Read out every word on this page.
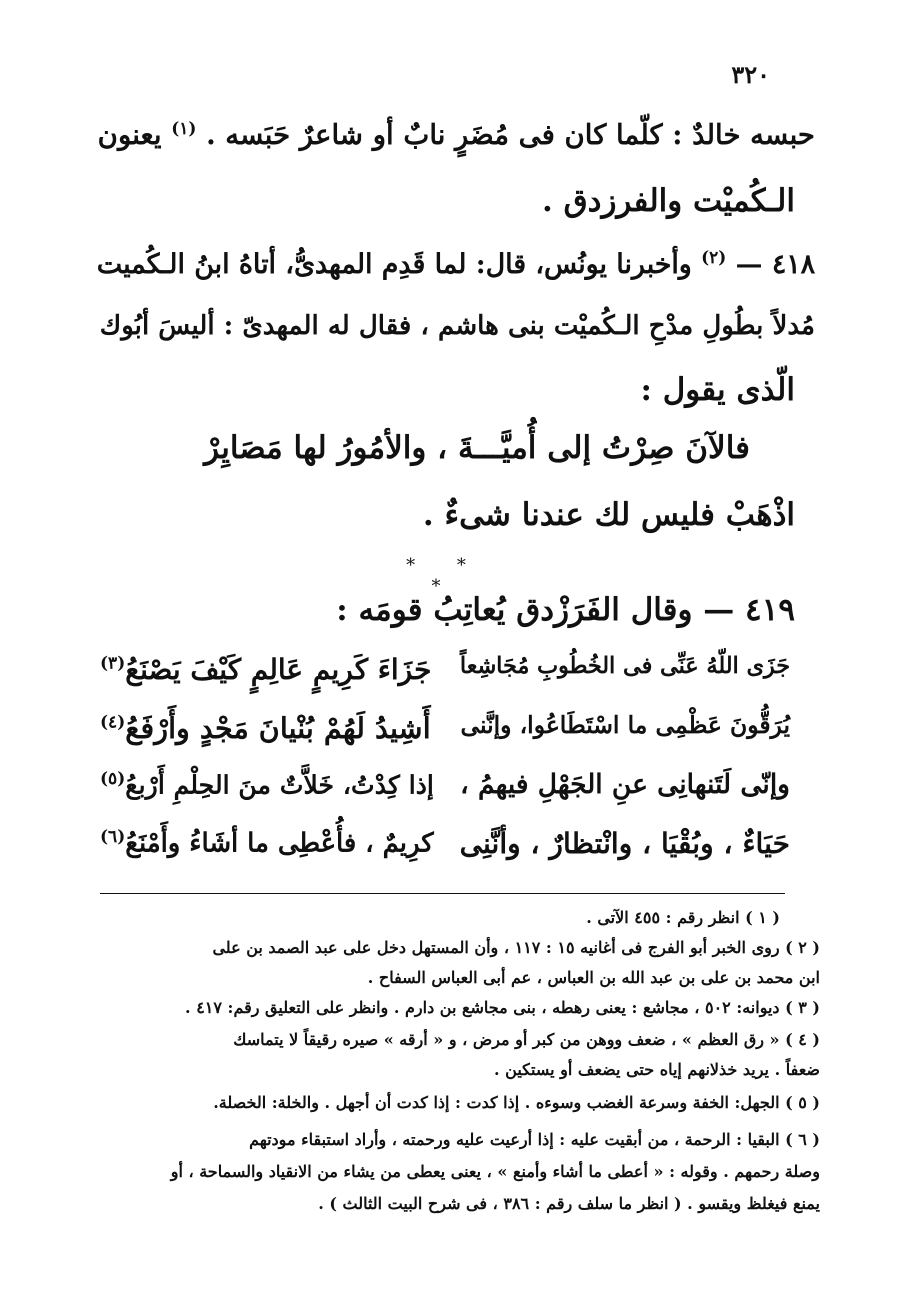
٣٢٠
حبسه خالدٌ : كلّما كان فى مُضَرٍ نابٌ أو شاعرٌ حَبَسه . $^{(١)}$ يعنون
الـكُميْت والفرزدق .
٤١٨ — $^{(٢)}$ وأخبرنا يونُس، قال: لما قَدِم المهدىُّ، أتاهُ ابنُ الـكُميت
مُدلاً بطُولِ مدْحِ الـكُميْت بنى هاشم ، فقال له المهدىّ : أليسَ أبُوك
الّذى يقول :
فالآنَ صِرْتُ إلى أُميَّـــةَ ، والأمُورُ لها مَصَايِرْ
اذْهَبْ فليس لك عندنا شىءٌ .
* * *
٤١٩ — وقال الفَرَزْدق يُعاتِبُ قومَه :
جَزَى اللّهُ عَنِّى فى الخُطُوبِ مُجَاشِعاً
جَزَاءَ كَرِيمٍ عَالِمٍ كَيْفَ يَصْنَعُ$^{(٣)}$
يُرَقُّونَ عَظْمِى ما اسْتَطَاعُوا، وإنَّنى
أَشِيدُ لَهُمْ بُنْيانَ مَجْدٍ وأَرْفَعُ$^{(٤)}$
وإنّى لَتَنهانِى عنِ الجَهْلِ فيهمُ ،
إذا كِدْتُ، خَلاَّتٌ منَ الحِلْمِ أَرْبعُ$^{(٥)}$
حَيَاءٌ ، وبُقْيَا ، وانْتظارٌ ، وأنَّنِى
كرِيمٌ ، فأُعْطِى ما أشَاءُ وأَمْنَعُ$^{(٦)}$
( ١ ) انظر رقم : ٤٥٥ الآتى .
( ٢ ) روى الخبر أبو الفرج فى أغانيه ١٥ : ١١٧ ، وأن المستهل دخل على عبد الصمد بن على
ابن محمد بن على بن عبد الله بن العباس ، عم أبى العباس السفاح .
( ٣ ) ديوانه: ٥٠٢ ، مجاشع : يعنى رهطه ، بنى مجاشع بن دارم . وانظر على التعليق رقم: ٤١٧ .
( ٤ ) « رق العظم » ، ضعف ووهن من كبر أو مرض ، و « أرقه » صيره رقيقاً لا يتماسك
ضعفاً . يريد خذلانهم إياه حتى يضعف أو يستكين .
( ٥ ) الجهل: الخفة وسرعة الغضب وسوءه . إذا كدت : إذا كدت أن أجهل . والخلة: الخصلة.
( ٦ ) البقيا : الرحمة ، من أبقيت عليه : إذا أرعيت عليه ورحمته ، وأراد استبقاء مودتهم
وصلة رحمهم . وقوله : « أعطى ما أشاء وأمنع » ، يعنى يعطى من يشاء من الانقياد والسماحة ، أو
يمنع فيغلظ ويقسو . ( انظر ما سلف رقم : ٣٨٦ ، فى شرح البيت الثالث ) .
